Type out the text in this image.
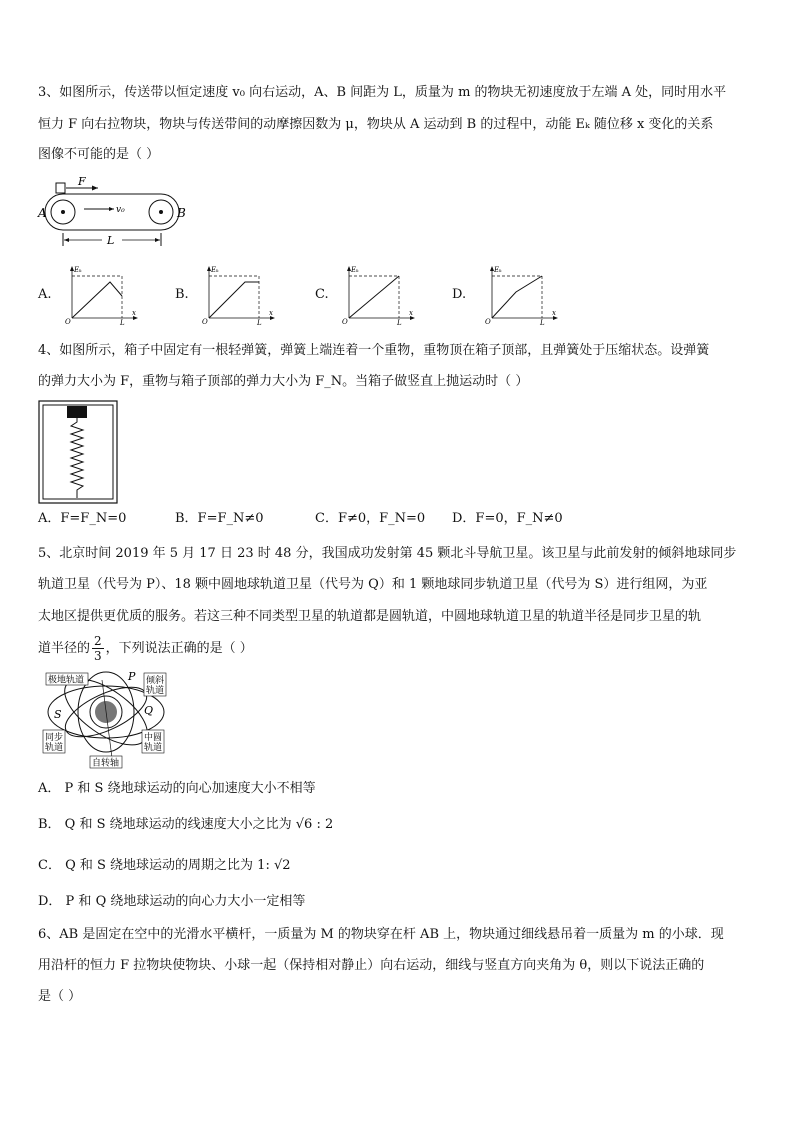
3、如图所示，传送带以恒定速度 v₀ 向右运动，A、B 间距为 L，质量为 m 的物块无初速度放于左端 A 处，同时用水平
恒力 F 向右拉物块，物块与传送带间的动摩擦因数为 μ，物块从 A 运动到 B 的过程中，动能 Eₖ 随位移 x 变化的关系
图像不可能的是（ ）
F
v₀
A	B
L
A.	B.	C.	D.
Eₖ
x
O	L
Eₖ
x
O	L
Eₖ
x
O	L
Eₖ
x
O	L
4、如图所示，箱子中固定有一根轻弹簧，弹簧上端连着一个重物，重物顶在箱子顶部，且弹簧处于压缩状态。设弹簧
的弹力大小为 F，重物与箱子顶部的弹力大小为 F_N。当箱子做竖直上抛运动时（ ）
A．F=F_N=0	B．F=F_N≠0	C．F≠0，F_N=0 D．F=0，F_N≠0
5、北京时间 2019 年 5 月 17 日 23 时 48 分，我国成功发射第 45 颗北斗导航卫星。该卫星与此前发射的倾斜地球同步
轨道卫星（代号为 P）、18 颗中圆地球轨道卫星（代号为 Q）和 1 颗地球同步轨道卫星（代号为 S）进行组网，为亚
太地区提供更优质的服务。若这三种不同类型卫星的轨道都是圆轨道，中圆地球轨道卫星的轨道半径是同步卫星的轨
道半径的 $\frac{2}{3}$ ，下列说法正确的是（ ）
极地轨道	P 倾斜
轨道
S	Q
同步
轨道
中圆
轨道
自转轴
A． P 和 S 绕地球运动的向心加速度大小不相等
B． Q 和 S 绕地球运动的线速度大小之比为 √6 : 2
C． Q 和 S 绕地球运动的周期之比为 1: √2
D． P 和 Q 绕地球运动的向心力大小一定相等
6、AB 是固定在空中的光滑水平横杆，一质量为 M 的物块穿在杆 AB 上，物块通过细线悬吊着一质量为 m 的小球．现
用沿杆的恒力 F 拉物块使物块、小球一起（保持相对静止）向右运动，细线与竖直方向夹角为 θ，则以下说法正确的
是（ ）
